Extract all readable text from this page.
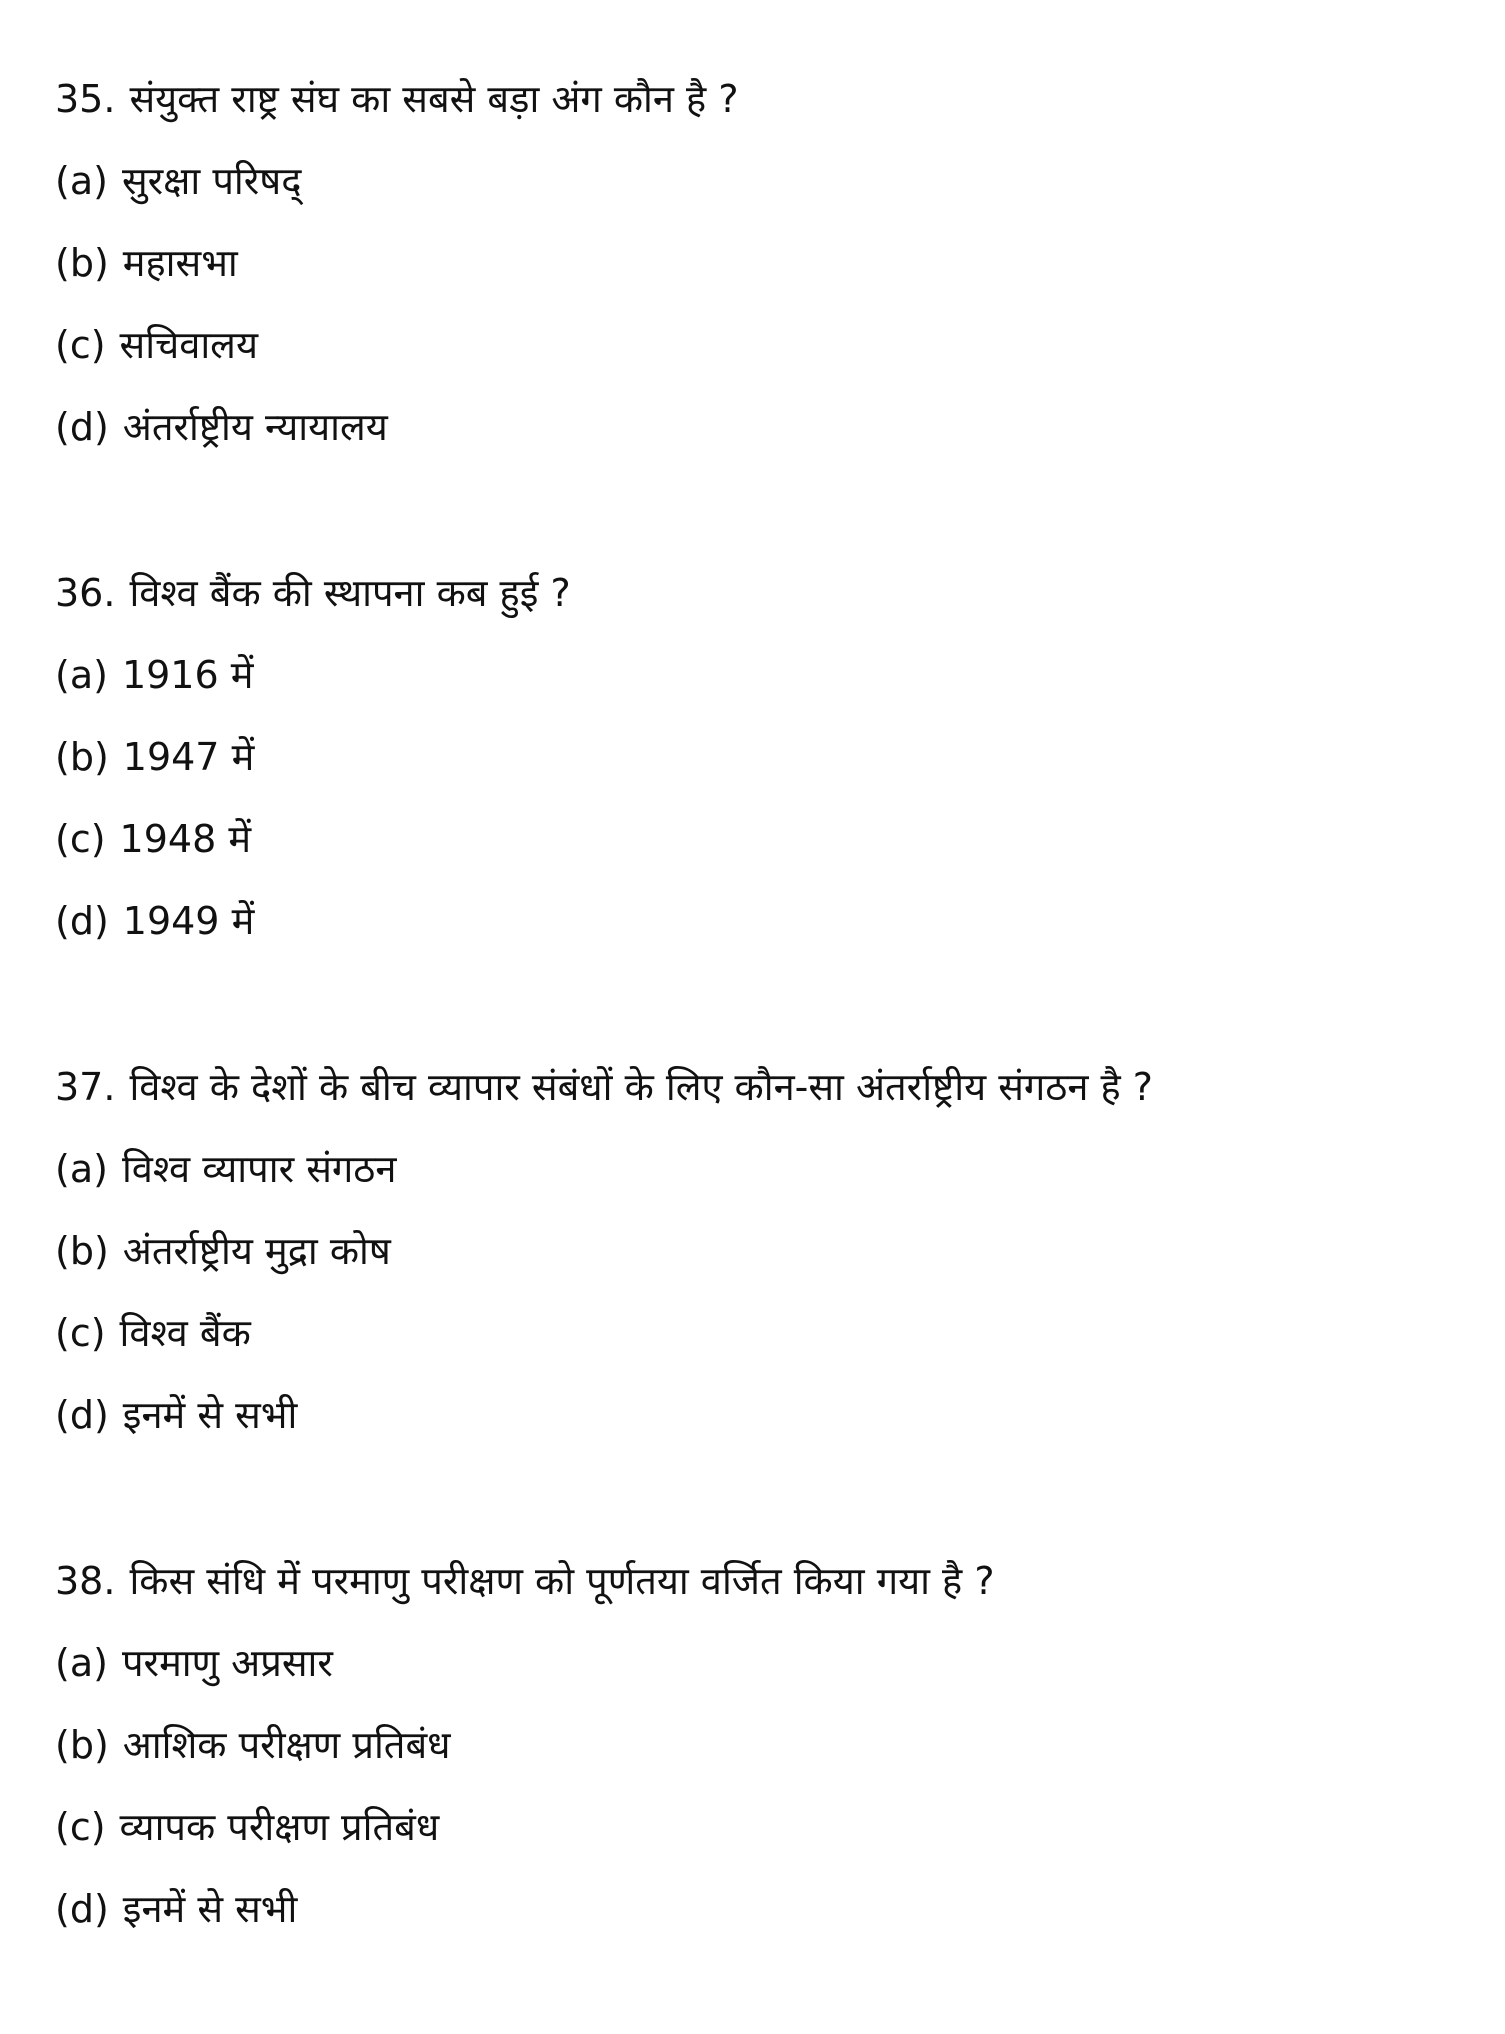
35. संयुक्त राष्ट्र संघ का सबसे बड़ा अंग कौन है ?
(a) सुरक्षा परिषद्
(b) महासभा
(c) सचिवालय
(d) अंतर्राष्ट्रीय न्यायालय
36. विश्व बैंक की स्थापना कब हुई ?
(a) 1916 में
(b) 1947 में
(c) 1948 में
(d) 1949 में
37. विश्व के देशों के बीच व्यापार संबंधों के लिए कौन-सा अंतर्राष्ट्रीय संगठन है ?
(a) विश्व व्यापार संगठन
(b) अंतर्राष्ट्रीय मुद्रा कोष
(c) विश्व बैंक
(d) इनमें से सभी
38. किस संधि में परमाणु परीक्षण को पूर्णतया वर्जित किया गया है ?
(a) परमाणु अप्रसार
(b) आशिक परीक्षण प्रतिबंध
(c) व्यापक परीक्षण प्रतिबंध
(d) इनमें से सभी
